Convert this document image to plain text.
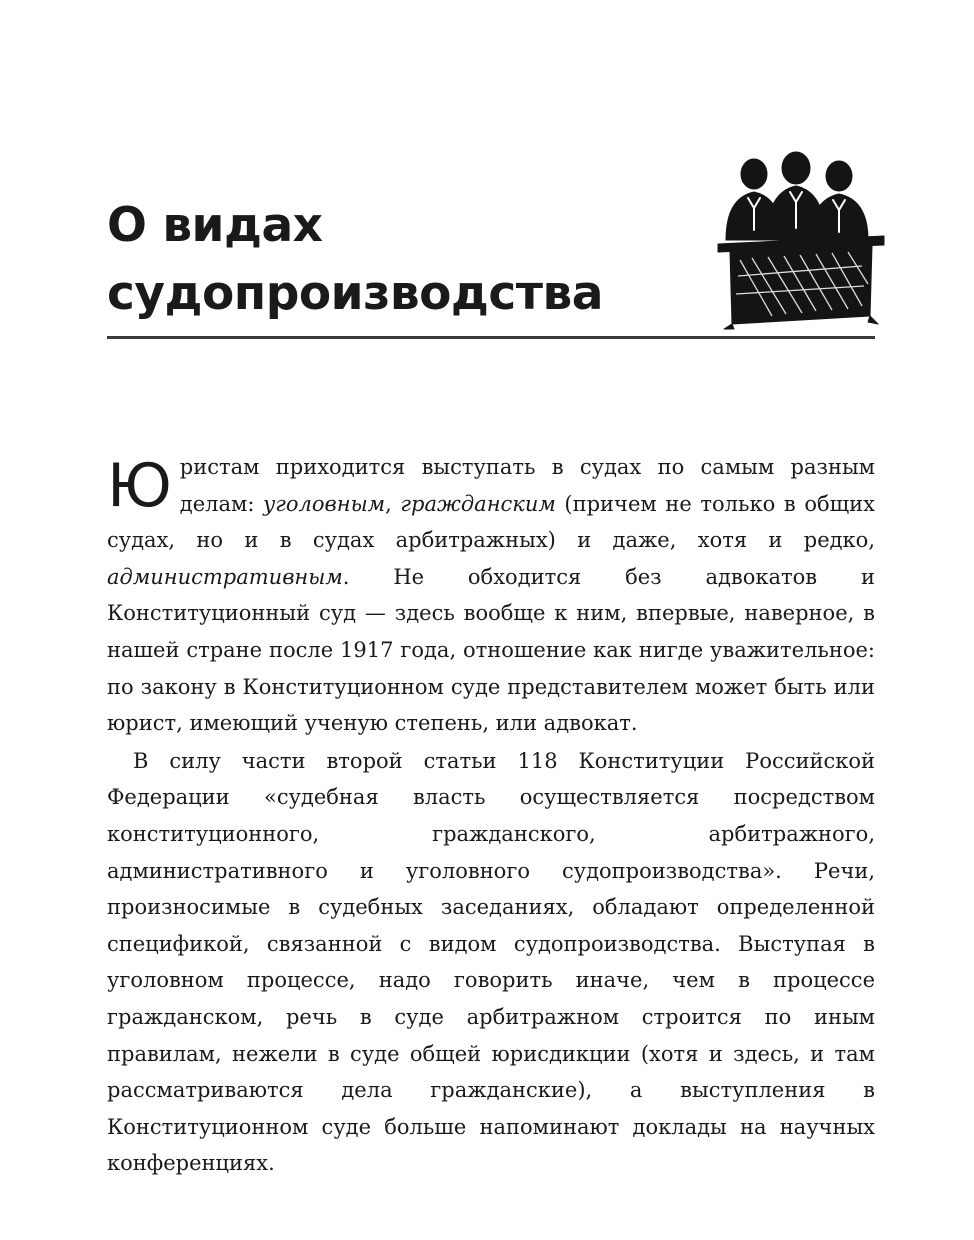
О видах
судопроизводства

Юристам приходится выступать в судах по самым разным делам: уголовным, гражданским (причем не только в общих судах, но и в судах арбитражных) и даже, хотя и редко, административным. Не обходится без адвокатов и Конституционный суд — здесь вообще к ним, впервые, наверное, в нашей стране после 1917 года, отношение как нигде уважительное: по закону в Конституционном суде представителем может быть или юрист, имеющий ученую степень, или адвокат.

В силу части второй статьи 118 Конституции Российской Федерации «судебная власть осуществляется посредством конституционного, гражданского, арбитражного, административного и уголовного судопроизводства». Речи, произносимые в судебных заседаниях, обладают определенной спецификой, связанной с видом судопроизводства. Выступая в уголовном процессе, надо говорить иначе, чем в процессе гражданском, речь в суде арбитражном строится по иным правилам, нежели в суде общей юрисдикции (хотя и здесь, и там рассматриваются дела гражданские), а выступления в Конституционном суде больше напоминают доклады на научных конференциях.
